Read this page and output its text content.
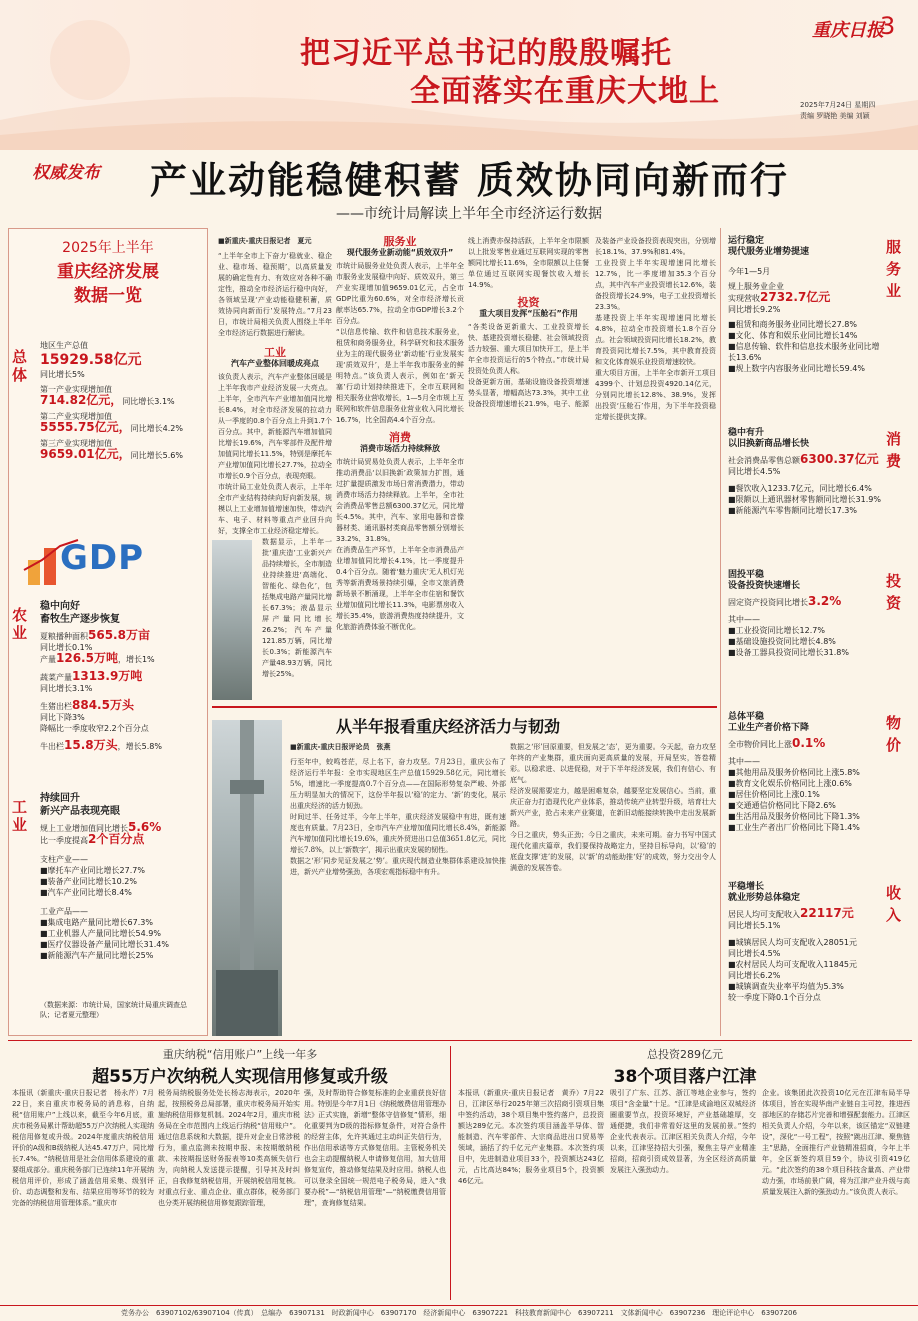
把习近平总书记的殷殷嘱托
全面落实在重庆大地上
重庆日报
3
2025年7月24日 星期四
责编 罗晓艳 美编 刘颖
权威发布 产业动能稳健积蓄 质效协同向新而行
——市统计局解读上半年全市经济运行数据
2025年上半年
重庆经济发展
数据一览
总体
地区生产总值
15929.58亿元
同比增长5%
第一产业实现增加值
714.82亿元，同比增长3.1%
第二产业实现增加值
5555.75亿元，同比增长4.2%
第三产业实现增加值
9659.01亿元，同比增长5.6%
GDP
农业
稳中向好
畜牧生产逐步恢复
夏粮播种面积565.8万亩
同比增长0.1%
产量126.5万吨，增长1%
蔬菜产量1313.9万吨
同比增长3.1%
生猪出栏884.5万头
同比下降3%
降幅比一季度收窄2.2个百分点
牛出栏15.8万头，增长5.8%
工业
持续回升
新兴产品表现亮眼
规上工业增加值同比增长5.6%
比一季度提高2个百分点
支柱产业——
■摩托车产业同比增长27.7%
■装备产业同比增长10.2%
■汽车产业同比增长8.4%
工业产品——
■集成电路产量同比增长67.3%
■工业机器人产量同比增长54.9%
■医疗仪器设备产量同比增长31.4%
■新能源汽车产量同比增长25%
（数据来源：市统计局，国家统计局重庆调查总队；记者夏元整理）
■新重庆-重庆日报记者　夏元
“上半年全市上下奋力‘稳就业、稳企业、稳市场、稳预期’，以高质量发展的确定性有力、有效应对各种不确定性，推动全市经济运行稳中向好，各领域呈现‘产业动能稳健积蓄，质效协同向新而行’发展特点。”7月23日，市统计局相关负责人围绕上半年全市经济运行数据进行解读。
工业
汽车产业整体回暖成亮点
该负责人表示，汽车产业整体回暖是上半年我市产业经济发展一大亮点。上半年，全市汽车产业增加值同比增长8.4%，对全市经济发展的拉动力从一季度的0.8个百分点上升到1.7个百分点。其中，新能源汽车增加值同比增长19.6%，汽车零部件及配件增加值同比增长11.5%，特别是摩托车产业增加值同比增长27.7%，拉动全市增长0.9个百分点，表现亮眼。
市统计局工业处负责人表示，上半年全市产业结构持续向好向新发展，规模以上工业增加值增速加快，带动汽车、电子、材料等重点产业回升向好，支撑全市工业经济稳定增长。
数据显示，上半年一批‘重庆造’工业新兴产品持续增长，全市制造业持续推进‘高端化、智能化、绿色化’，包括集成电路产量同比增长67.3%；液晶显示屏产量同比增长26.2%；汽车产量121.85万辆，同比增长0.3%；新能源汽车产量48.93万辆，同比增长25%。
服务业
现代服务业新动能“质效双升”
市统计局服务业处负责人表示，上半年全市服务业发展稳中向好、质效双升，第三产业实现增加值9659.01亿元，占全市GDP比重为60.6%，对全市经济增长贡献率达65.7%，拉动全市GDP增长3.2个百分点。
“以信息传输、软件和信息技术服务业，租赁和商务服务业，科学研究和技术服务业为主的现代服务业‘新动能’行业发展实现‘质效双升’，是上半年我市服务业的鲜明特点。”该负责人表示，例如在‘新天塞’行动计划持续推进下，全市互联网和相关服务业营收增长，1—5月全市规上互联网和软件信息服务业营业收入同比增长16.7%，比全国高4.4个百分点。
消费
消费市场活力持续释放
市统计局贸易处负责人表示，上半年全市推动消费品‘以旧换新’政策加力扩围，通过扩量提质激发市场日常消费潜力，带动消费市场活力持续释放。上半年，全市社会消费品零售总额6300.37亿元，同比增长4.5%。其中，汽车、家用电器和音像器材类、通讯器材类商品零售额分别增长33.2%、31.8%。
在消费品生产环节，上半年全市消费品产业增加值同比增长4.1%，比一季度提升0.4个百分点。随着‘魅力重庆’无人机灯光秀等新消费场景持续引爆，全市文旅消费新场景不断涌现，上半年全市住宿和餐饮业增加值同比增长11.3%，电影票房收入增长35.4%，旅游消费热度持续提升，文化旅游消费体验不断优化。
线上消费亦保持活跃，上半年全市限额以上批发零售业通过互联网实现的零售额同比增长11.6%，全市限额以上住餐单位通过互联网实现餐饮收入增长14.9%。
投资
重大项目发挥“压舱石”作用
“各类设备更新重大、工业投资增长快、基建投资增长稳健、社会领域投资活力较强、重大项目加快开工，是上半年全市投资运行的5个特点。”市统计局投资处负责人称。
设备更新方面，基础设施设备投资增速势头显著，增幅高达73.3%，其中工业设备投资增速增长21.9%，电子、能源及装备产业设备投资表现突出，分别增长18.1%、37.9%和81.4%。
工业投资上半年实现增速同比增长12.7%，比一季度增加35.3个百分点，其中汽车产业投资增长12.6%，装备投资增长24.9%，电子工业投资增长23.3%。
基建投资上半年实现增速同比增长4.8%，拉动全市投资增长1.8个百分点。社会领域投资同比增长18.2%，教育投资同比增长7.5%，其中教育投资和文化体育娱乐业投资增速较快。
重大项目方面，上半年全市新开工项目4399个、计划总投资4920.14亿元，分别同比增长12.8%、38.9%，发挥出投资‘压舱石’作用，为下半年投资稳定增长提供支撑。
从半年报看重庆经济活力与韧劲
■新重庆-重庆日报评论员　张燕
行至年中，蛟鸣苍茫，尽上名下，奋力攻坚。7月23日，重庆公布了经济运行半年报：全市实现地区生产总值15929.58亿元，同比增长5%，增速比一季度提高0.7个百分点——在国际形势复杂严峻、外部压力明显加大的情况下，这份半年报以‘稳’的定力、‘新’的变化，展示出重庆经济的活力韧劲。
时间过半、任务过半，今年上半年，重庆经济发展稳中有进，既有速度也有质量。7月23日，全市汽车产业增加值同比增长8.4%，新能源汽车增加值同比增长19.6%，重庆外贸进出口总值3651.8亿元，同比增长7.8%，以上‘新数字’，揭示出重庆发展的韧性。
数据之‘形’同步见证发展之‘势’。重庆现代制造业集群体系建设加快推进，新兴产业增势强劲，各项宏观指标稳中有升。
数据之‘形’回原重要，但发展之‘态’，更为重要。今天起，奋力攻坚年终的产业集群，重庆面向更高质量的发展，开局坚实，答卷精彩。以稳求进、以进促稳，对于下半年经济发展，我们有信心、有底气。
经济发展需要定力，越是困难复杂，越要坚定发展信心。当前，重庆正奋力打造现代化产业体系，推动传统产业转型升级，培育壮大新兴产业，抢占未来产业赛道，在新旧动能接续转换中走出发展新路。
今日之重庆，势头正劲；今日之重庆，未来可期。奋力书写中国式现代化重庆篇章，我们要保持战略定力，坚持目标导向，以‘稳’的底盘支撑‘进’的发展，以‘新’的动能助推‘好’的成效，努力交出令人满意的发展答卷。
服务业
运行稳定
现代服务业增势提速
今年1—5月
规上服务业企业
实现营收2732.7亿元
同比增长9.2%
■租赁和商务服务业同比增长27.8%
■文化、体育和娱乐业同比增长14%
■信息传输、软件和信息技术服务业同比增长13.6%
■规上数字内容服务业同比增长59.4%
消费
稳中有升
以旧换新商品增长快
社会消费品零售总额6300.37亿元
同比增长4.5%
■餐饮收入1233.7亿元，同比增长6.4%
■限额以上通讯器材零售额同比增长31.9%
■新能源汽车零售额同比增长17.3%
投资
固投平稳
设备投资快速增长
固定资产投资同比增长3.2%
其中——
■工业投资同比增长12.7%
■基础设施投资同比增长4.8%
■设备工器具投资同比增长31.8%
物价
总体平稳
工业生产者价格下降
全市物价同比上涨0.1%
其中——
■其他用品及服务价格同比上涨5.8%
■教育文化娱乐价格同比上涨0.6%
■居住价格同比上涨0.1%
■交通通信价格同比下降2.6%
■生活用品及服务价格同比下降1.3%
■工业生产者出厂价格同比下降1.4%
收入
平稳增长
就业形势总体稳定
居民人均可支配收入22117元
同比增长5.1%
■城镇居民人均可支配收入28051元
同比增长4.5%
■农村居民人均可支配收入11845元
同比增长6.2%
■城镇调查失业率平均值为5.3%
较一季度下降0.1个百分点
重庆纳税“信用账户”上线一年多
超55万户次纳税人实现信用修复或升级
本报讯（新重庆-重庆日报记者　杨永芹）7月22日，来自重庆市税务局的消息称，自纳税“信用账户”上线以来，截至今年6月底，重庆市税务局累计帮助超55万户次纳税人实现纳税信用修复或升级。2024年度重庆纳税信用评价的A级和B级纳税人达45.47万户，同比增长7.4%。“纳税信用是社会信用体系建设的重要组成部分。重庆税务部门已连续11年开展纳税信用评价，形成了涵盖信用采集、级别评价、动态调整和发布、结果应用等环节的较为完备的纳税信用管理体系。”重庆市
税务局纳税服务处处长杨志海表示，2020年起，按照税务总局部署，重庆市税务局开始实施纳税信用修复机制。2024年2月，重庆市税务局在全市范围内上线运行纳税“信用账户”。通过信息系统和大数据，提升对企业日常涉税行为，重点监测未按期申报、未按期缴纳税款、未按期报送财务报表等10类高频失信行为，向纳税人发送提示提醒，引导其及时纠正，自我修复纳税信用，开展纳税信用复核。对重点行业、重点企业、重点群体，税务部门也分类开展纳税信用修复跟踪管理，
强，及时帮助符合修复标准的企业重获良好信用。特别是今年7月1日《纳税缴费信用管理办法》正式实施，新增“整体守信修复”情形，细化重要判为D级的指标修复条件，对符合条件的经营主体，允许其通过主动纠正失信行为，作出信用承诺等方式修复信用。主管税务机关也会主动提醒纳税人申请修复信用，加大信用修复宣传，推动修复结果及时应用。纳税人也可以登录全国统一规范电子税务局，进入“我要办税”—“纳税信用管理”—“纳税缴费信用管理”，查询修复结果。
总投资289亿元
38个项目落户江津
本报讯（新重庆-重庆日报记者　黄乔）7月22日，江津区举行2025年第三次招商引资项目集中签约活动，38个项目集中签约落户，总投资额达289亿元。本次签约项目涵盖半导体、智能制造、汽车零部件、大宗商品进出口贸易等领域，涵括了约千亿元产业集群。本次签约项目中，先进制造业项目33个，投资额达243亿元，占比高达84%；服务业项目5个，投资额46亿元。
吸引了广东、江苏、浙江等地企业参与，签约项目“含金量”十足。“江津是成渝地区双城经济圈重要节点，投资环境好，产业基础雄厚，交通便捷，我们非常看好这里的发展前景。”签约企业代表表示。江津区相关负责人介绍，今年以来，江津坚持招大引强，聚焦主导产业精准招商，招商引资成效显著，为全区经济高质量发展注入强劲动力。
企业。该集团此次投资10亿元在江津布局半导体项目，旨在实现华南产业链自主可控，推进西部地区的存储芯片完善和增强配套能力。江津区相关负责人介绍，今年以来，该区锚定“双链建设”，深化“一号工程”，按照“跳出江津、聚焦链主”思路，全面推行产业链精准招商，今年上半年，全区新签约项目59个，协议引资419亿元。“此次签约的38个项目科技含量高、产业带动力强，市场前景广阔，将为江津产业升级与高质量发展注入新的强劲动力。”该负责人表示。
党务办公　63907102/63907104（传真）　总编办　63907131　时政新闻中心　63907170　经济新闻中心　63907221　科技教育新闻中心　63907211　文体新闻中心　63907236　理论评论中心　63907206
